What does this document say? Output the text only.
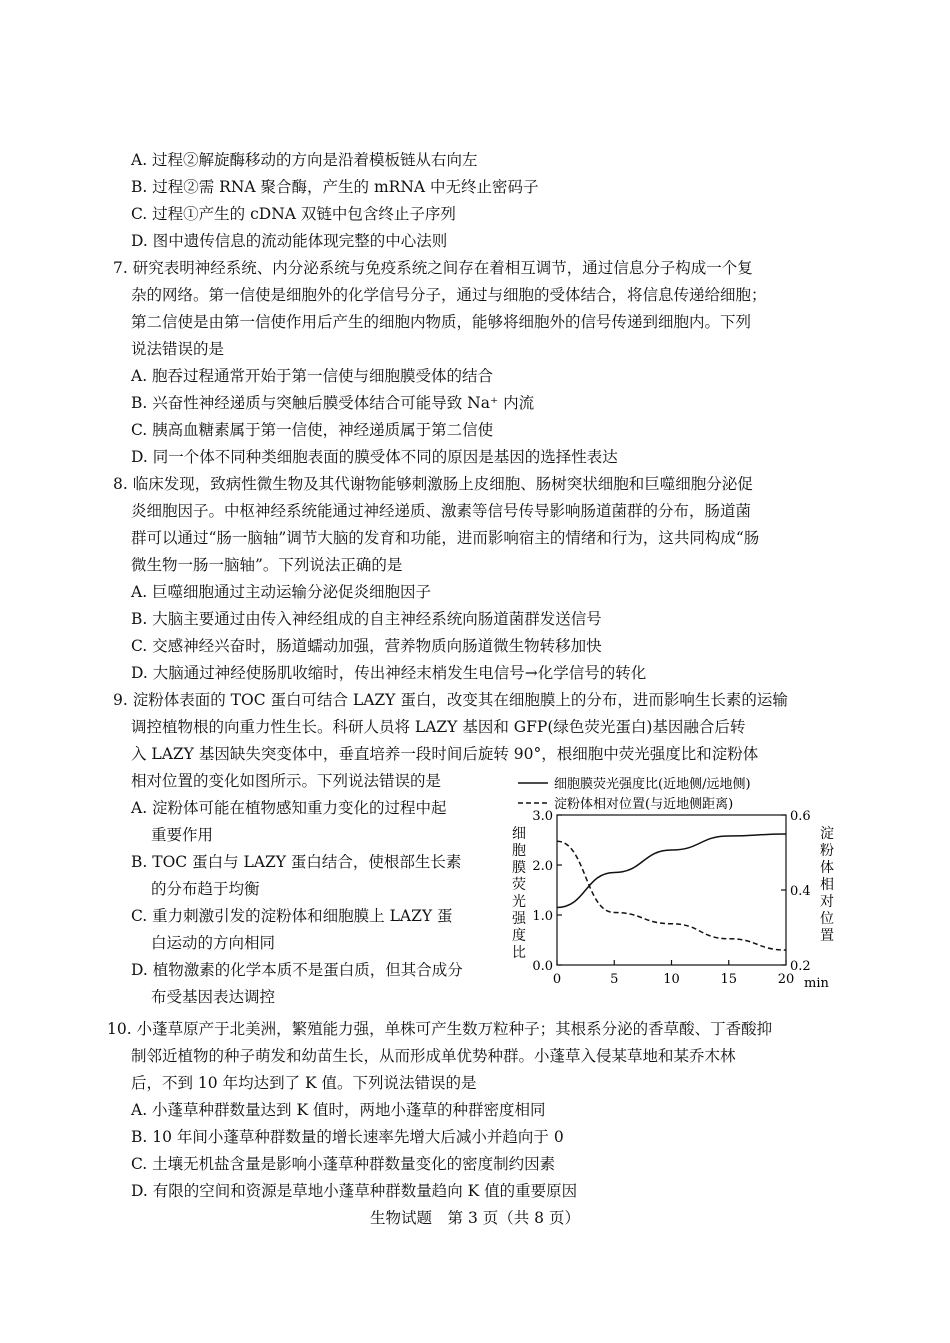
A. 过程②解旋酶移动的方向是沿着模板链从右向左
B. 过程②需 RNA 聚合酶，产生的 mRNA 中无终止密码子
C. 过程①产生的 cDNA 双链中包含终止子序列
D. 图中遗传信息的流动能体现完整的中心法则
7. 研究表明神经系统、内分泌系统与免疫系统之间存在着相互调节，通过信息分子构成一个复
杂的网络。第一信使是细胞外的化学信号分子，通过与细胞的受体结合，将信息传递给细胞；
第二信使是由第一信使作用后产生的细胞内物质，能够将细胞外的信号传递到细胞内。下列
说法错误的是
A. 胞吞过程通常开始于第一信使与细胞膜受体的结合
B. 兴奋性神经递质与突触后膜受体结合可能导致 Na⁺ 内流
C. 胰高血糖素属于第一信使，神经递质属于第二信使
D. 同一个体不同种类细胞表面的膜受体不同的原因是基因的选择性表达
8. 临床发现，致病性微生物及其代谢物能够刺激肠上皮细胞、肠树突状细胞和巨噬细胞分泌促
炎细胞因子。中枢神经系统能通过神经递质、激素等信号传导影响肠道菌群的分布，肠道菌
群可以通过“肠一脑轴”调节大脑的发育和功能，进而影响宿主的情绪和行为，这共同构成“肠
微生物一肠一脑轴”。下列说法正确的是
A. 巨噬细胞通过主动运输分泌促炎细胞因子
B. 大脑主要通过由传入神经组成的自主神经系统向肠道菌群发送信号
C. 交感神经兴奋时，肠道蠕动加强，营养物质向肠道微生物转移加快
D. 大脑通过神经使肠肌收缩时，传出神经末梢发生电信号→化学信号的转化
9. 淀粉体表面的 TOC 蛋白可结合 LAZY 蛋白，改变其在细胞膜上的分布，进而影响生长素的运输
调控植物根的向重力性生长。科研人员将 LAZY 基因和 GFP(绿色荧光蛋白)基因融合后转
入 LAZY 基因缺失突变体中，垂直培养一段时间后旋转 90°，根细胞中荧光强度比和淀粉体
相对位置的变化如图所示。下列说法错误的是
A. 淀粉体可能在植物感知重力变化的过程中起
重要作用
B. TOC 蛋白与 LAZY 蛋白结合，使根部生长素
的分布趋于均衡
C. 重力刺激引发的淀粉体和细胞膜上 LAZY 蛋
白运动的方向相同
D. 植物激素的化学本质不是蛋白质，但其合成分
布受基因表达调控
细胞膜荧光强度比(近地侧/远地侧)
淀粉体相对位置(与近地侧距离)
细
胞
膜
荧
光
强
度
比
淀
粉
体
相
对
位
置
0	5	10	15	20
0.0
1.0
2.0
3.0
0.2
0.4
0.6
min
10. 小蓬草原产于北美洲，繁殖能力强，单株可产生数万粒种子；其根系分泌的香草酸、丁香酸抑
制邻近植物的种子萌发和幼苗生长，从而形成单优势种群。小蓬草入侵某草地和某乔木林
后，不到 10 年均达到了 K 值。下列说法错误的是
A. 小蓬草种群数量达到 K 值时，两地小蓬草的种群密度相同
B. 10 年间小蓬草种群数量的增长速率先增大后减小并趋向于 0
C. 土壤无机盐含量是影响小蓬草种群数量变化的密度制约因素
D. 有限的空间和资源是草地小蓬草种群数量趋向 K 值的重要原因
生物试题　第 3 页（共 8 页）
